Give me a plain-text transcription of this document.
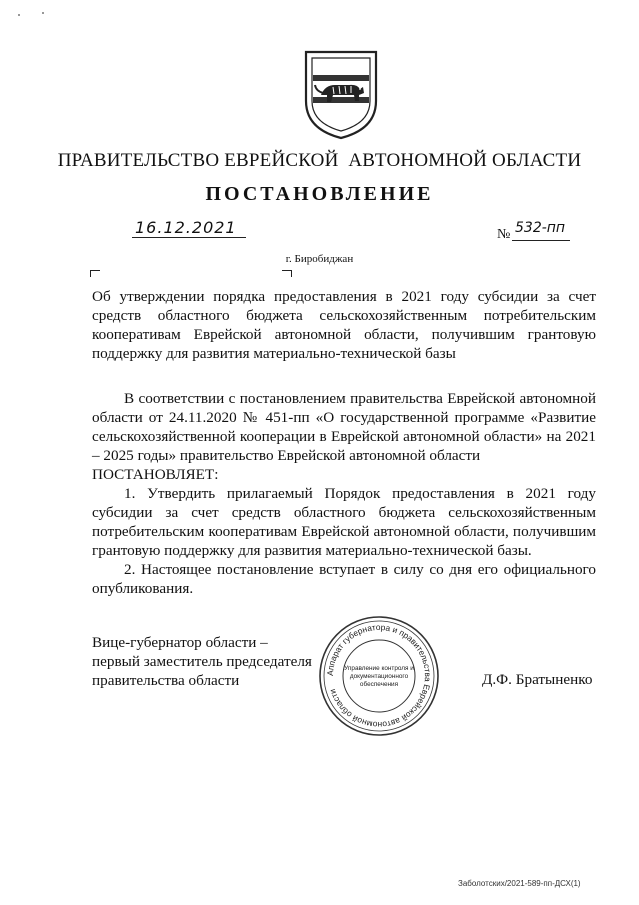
ПРАВИТЕЛЬСТВО ЕВРЕЙСКОЙ  АВТОНОМНОЙ ОБЛАСТИ
ПОСТАНОВЛЕНИЕ
16.12.2021	№ 532-пп
г. Биробиджан
Об утверждении порядка предоставления в 2021 году субсидии за счет средств областного бюджета сельскохозяйственным потребительским кооперативам Еврейской автономной области, получившим грантовую поддержку для развития материально-технической базы

В соответствии с постановлением правительства Еврейской автономной области от 24.11.2020 № 451-пп «О государственной программе «Развитие сельскохозяйственной кооперации в Еврейской автономной области» на 2021 – 2025 годы» правительство Еврейской автономной области

ПОСТАНОВЛЯЕТ:

1. Утвердить прилагаемый Порядок предоставления в 2021 году субсидии за счет средств областного бюджета сельскохозяйственным потребительским кооперативам Еврейской автономной области, получившим грантовую поддержку для развития материально-технической базы.

2. Настоящее постановление вступает в силу со дня его официального опубликования.

Вице-губернатор области –
первый заместитель председателя
правительства области	Д.Ф. Братыненко
Аппарат губернатора и правительства Еврейской автономной области
Управление контроля и
документационного
обеспечения
Заболотских/2021-589-пп-ДСХ(1)
